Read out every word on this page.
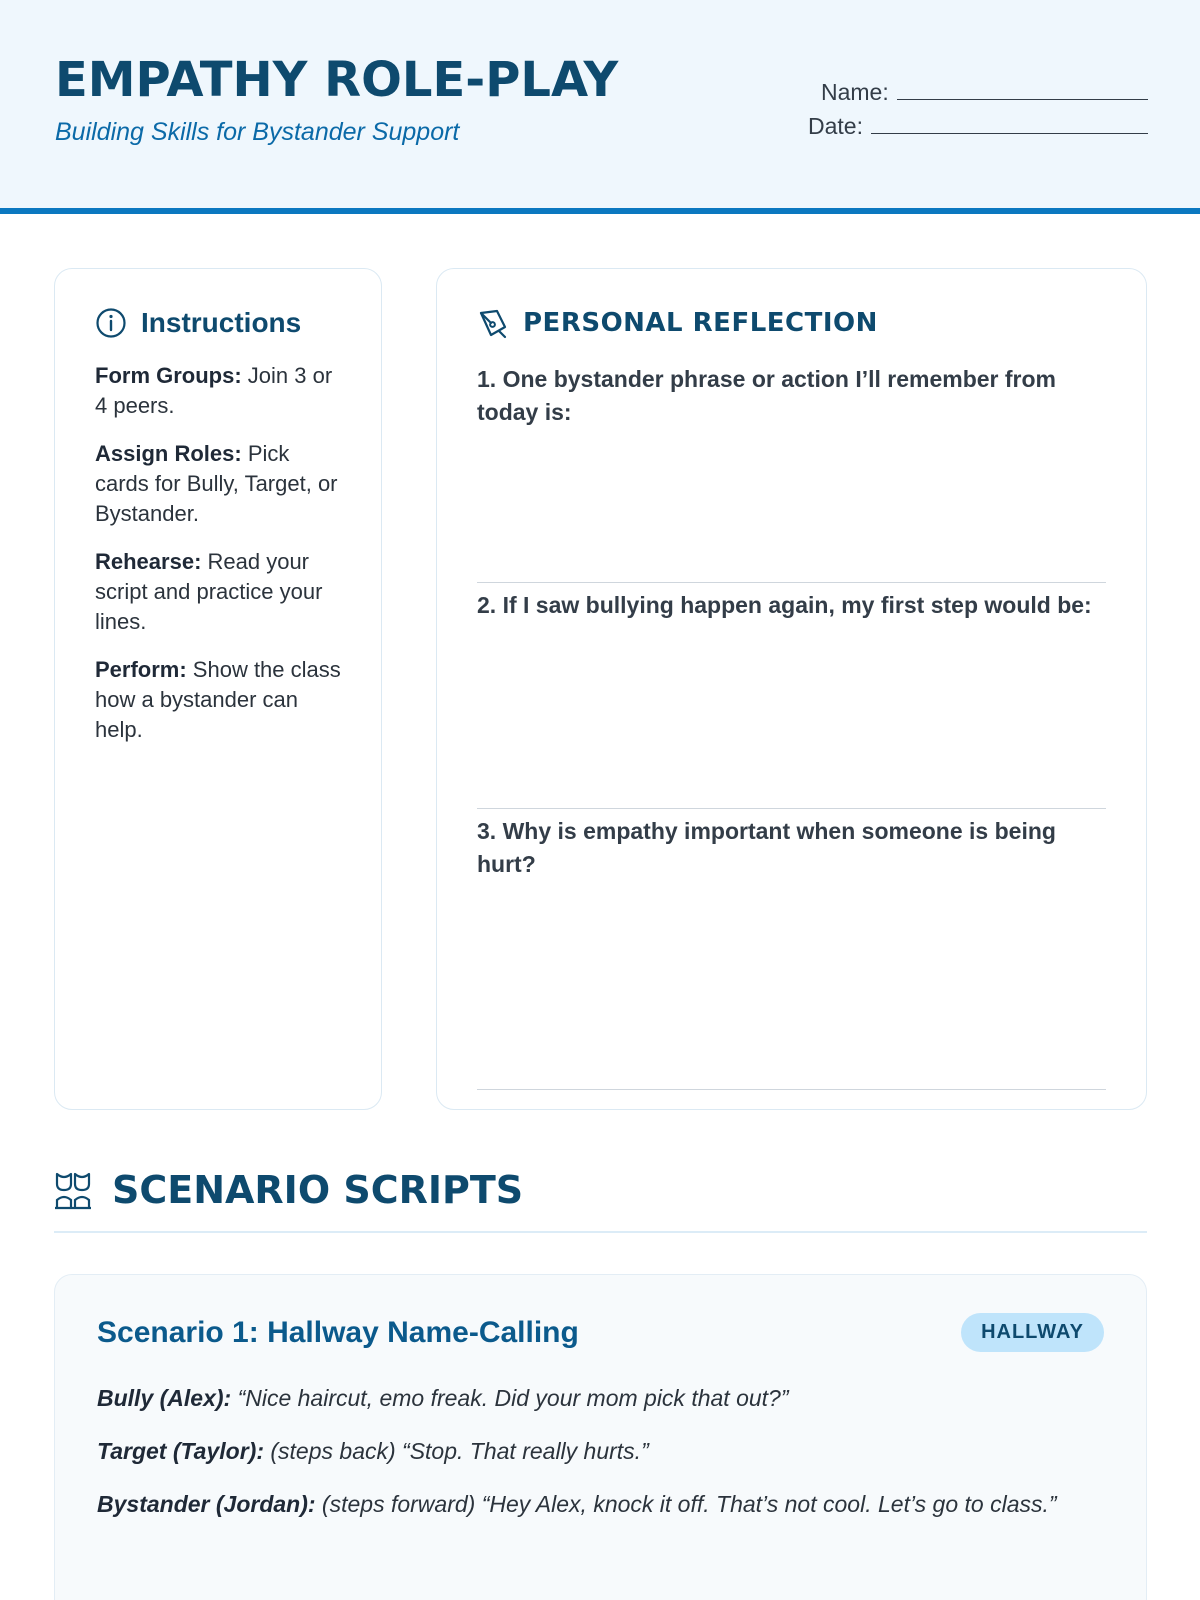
EMPATHY ROLE-PLAY
Building Skills for Bystander Support
Name:
Date:
Instructions
Form Groups: Join 3 or 4 peers.
Assign Roles: Pick cards for Bully, Target, or Bystander.
Rehearse: Read your script and practice your lines.
Perform: Show the class how a bystander can help.
PERSONAL REFLECTION
1. One bystander phrase or action I’ll remember from today is:
2. If I saw bullying happen again, my first step would be:
3. Why is empathy important when someone is being hurt?
SCENARIO SCRIPTS
Scenario 1: Hallway Name-Calling	HALLWAY
Bully (Alex): “Nice haircut, emo freak. Did your mom pick that out?”
Target (Taylor): (steps back) “Stop. That really hurts.”
Bystander (Jordan): (steps forward) “Hey Alex, knock it off. That’s not cool. Let’s go to class.”
